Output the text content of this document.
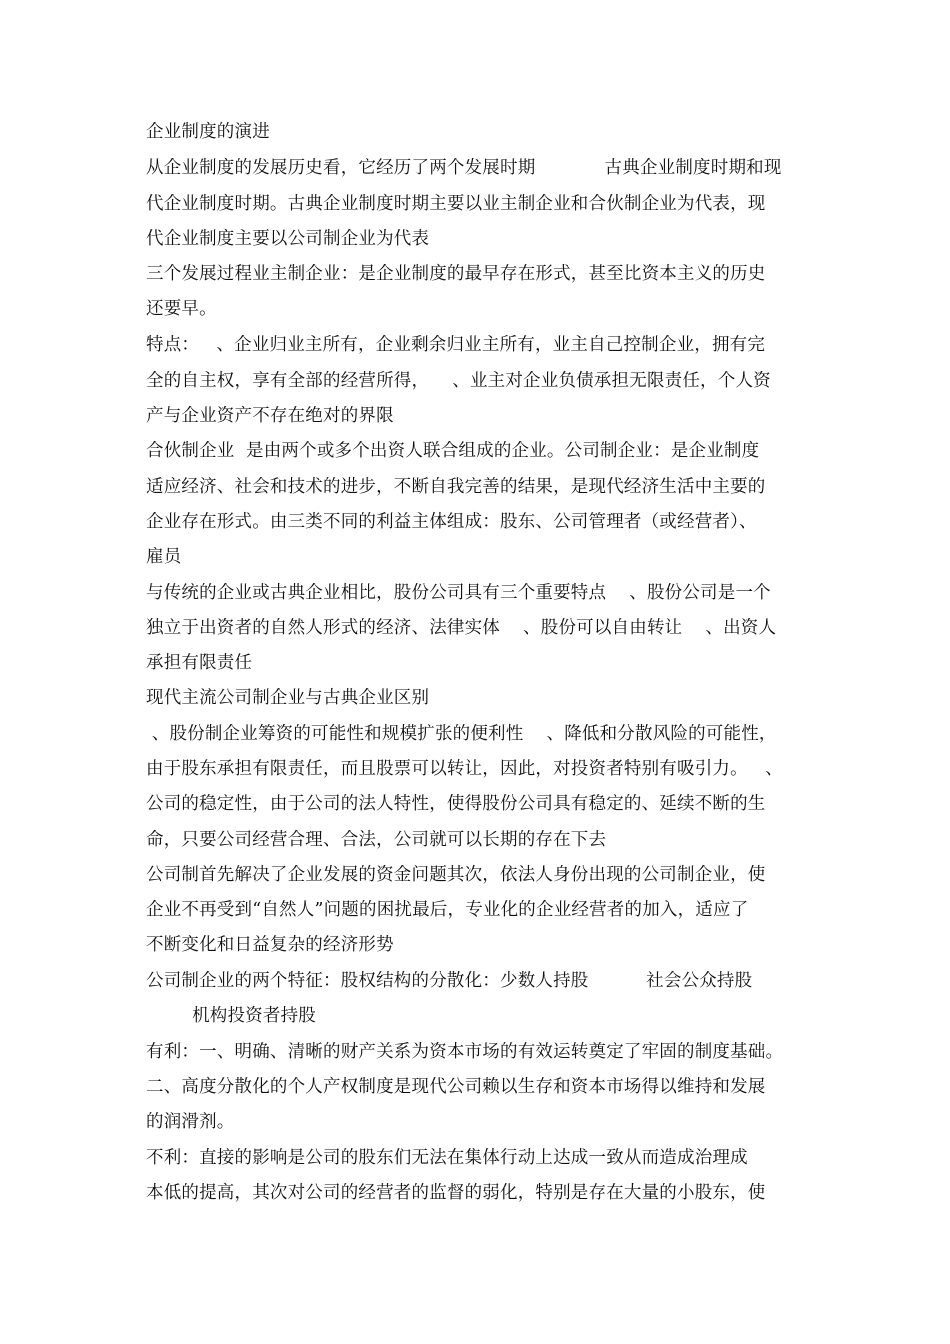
企业制度的演进
从企业制度的发展历史看，它经历了两个发展时期            古典企业制度时期和现
代企业制度时期。古典企业制度时期主要以业主制企业和合伙制企业为代表，现
代企业制度主要以公司制企业为代表
三个发展过程业主制企业：是企业制度的最早存在形式，甚至比资本主义的历史
还要早。
特点：   、企业归业主所有，企业剩余归业主所有，业主自己控制企业，拥有完
全的自主权，享有全部的经营所得，    、业主对企业负债承担无限责任，个人资
产与企业资产不存在绝对的界限
合伙制企业  是由两个或多个出资人联合组成的企业。公司制企业：是企业制度
适应经济、社会和技术的进步，不断自我完善的结果，是现代经济生活中主要的
企业存在形式。由三类不同的利益主体组成：股东、公司管理者（或经营者）、
雇员
与传统的企业或古典企业相比，股份公司具有三个重要特点    、股份公司是一个
独立于出资者的自然人形式的经济、法律实体    、股份可以自由转让    、出资人
承担有限责任
现代主流公司制企业与古典企业区别
、股份制企业筹资的可能性和规模扩张的便利性    、降低和分散风险的可能性，
由于股东承担有限责任，而且股票可以转让，因此，对投资者特别有吸引力。   、
公司的稳定性，由于公司的法人特性，使得股份公司具有稳定的、延续不断的生
命，只要公司经营合理、合法，公司就可以长期的存在下去
公司制首先解决了企业发展的资金问题其次，依法人身份出现的公司制企业，使
企业不再受到“自然人”问题的困扰最后，专业化的企业经营者的加入，适应了
不断变化和日益复杂的经济形势
公司制企业的两个特征：股权结构的分散化：少数人持股          社会公众持股
机构投资者持股
有利：一、明确、清晰的财产关系为资本市场的有效运转奠定了牢固的制度基础。
二、高度分散化的个人产权制度是现代公司赖以生存和资本市场得以维持和发展
的润滑剂。
不利：直接的影响是公司的股东们无法在集体行动上达成一致从而造成治理成
本低的提高，其次对公司的经营者的监督的弱化，特别是存在大量的小股东，使
